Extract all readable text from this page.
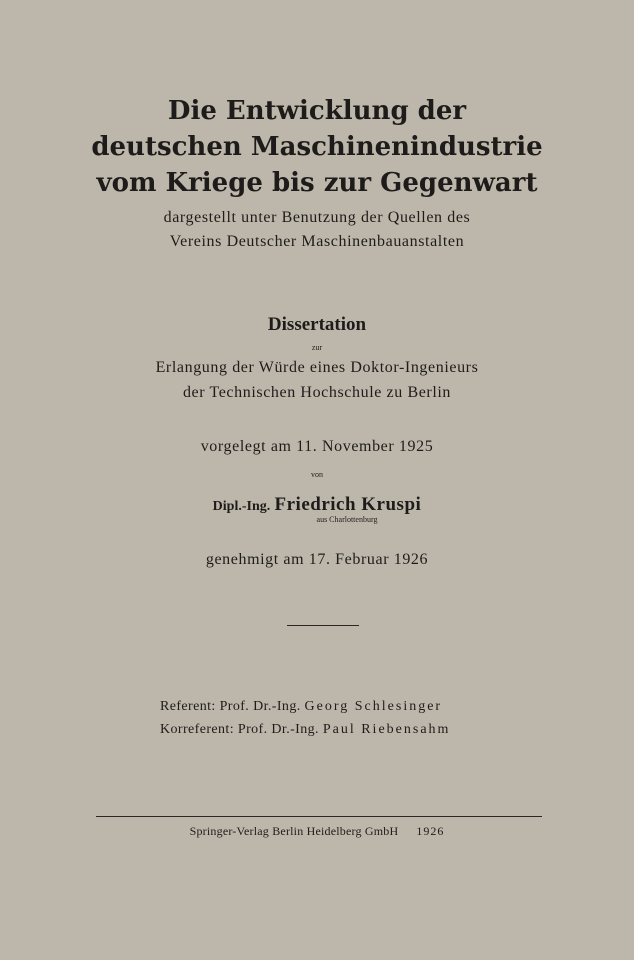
Die Entwicklung der

deutschen Maschinenindustrie

vom Kriege bis zur Gegenwart

dargestellt unter Benutzung der Quellen des

Vereins Deutscher Maschinenbauanstalten

Dissertation

zur

Erlangung der Würde eines Doktor-Ingenieurs

der Technischen Hochschule zu Berlin

vorgelegt am 11. November 1925

von

Dipl.-Ing. Friedrich Kruspi

aus Charlottenburg

genehmigt am 17. Februar 1926

Referent: Prof. Dr.-Ing. Georg Schlesinger
Korreferent: Prof. Dr.-Ing. Paul Riebensahm

Springer-Verlag Berlin Heidelberg GmbH 1926
